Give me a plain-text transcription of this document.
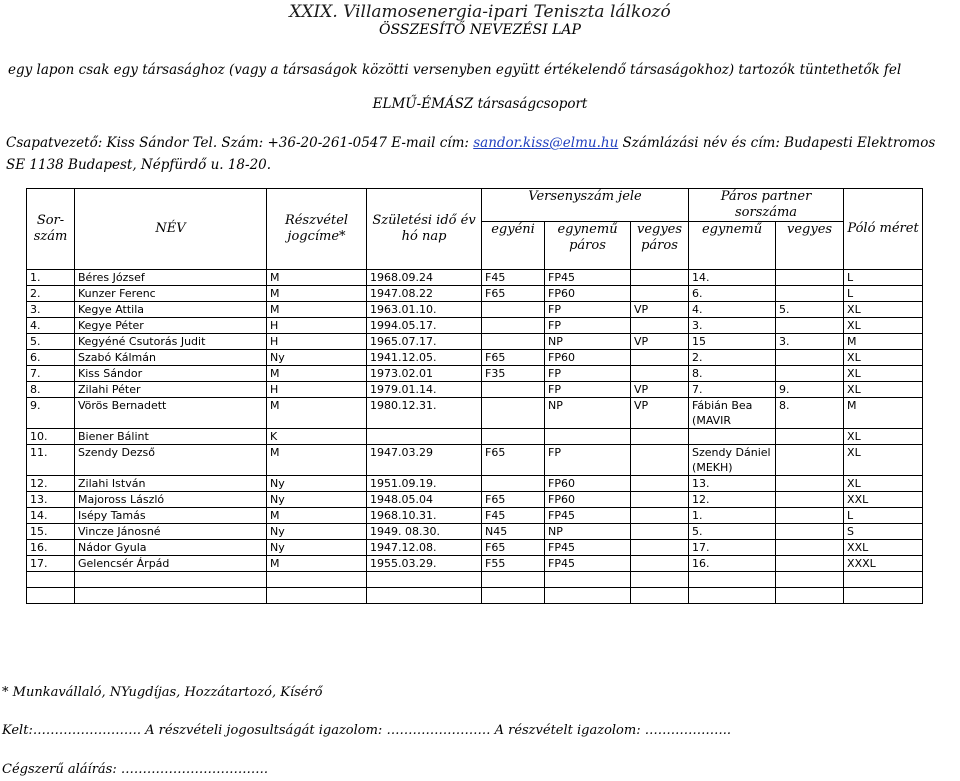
XXIX. Villamosenergia-ipari Teniszta lálkozó
ÖSSZESÍTŐ NEVEZÉSI LAP
egy lapon csak egy társasághoz (vagy a társaságok közötti versenyben együtt értékelendő társaságokhoz) tartozók tüntethetők fel
ELMŰ-ÉMÁSZ társaságcsoport
Csapatvezető: Kiss Sándor Tel. Szám: +36-20-261-0547 E-mail cím: sandor.kiss@elmu.hu Számlázási név és cím: Budapesti Elektromos SE 1138 Budapest, Népfürdő u. 18-20.
Sor-szám	NÉV	Részvétel jogcíme*	Születési idő év hó nap	Versenyszám jele			Páros partner sorszáma		Póló méret
				egyéni	egynemű páros	vegyes páros	egynemű	vegyes	
1.	Béres József	M	1968.09.24	F45	FP45		14.		L
2.	Kunzer Ferenc	M	1947.08.22	F65	FP60		6.		L
3.	Kegye Attila	M	1963.01.10.		FP	VP	4.	5.	XL
4.	Kegye Péter	H	1994.05.17.		FP		3.		XL
5.	Kegyéné Csutorás Judit	H	1965.07.17.		NP	VP	15	3.	M
6.	Szabó Kálmán	Ny	1941.12.05.	F65	FP60		2.		XL
7.	Kiss Sándor	M	1973.02.01	F35	FP		8.		XL
8.	Zilahi Péter	H	1979.01.14.		FP	VP	7.	9.	XL
9.	Vörös Bernadett	M	1980.12.31.		NP	VP	Fábián Bea (MAVIR	8.	M
10.	Biener Bálint	K							XL
11.	Szendy Dezső	M	1947.03.29	F65	FP		Szendy Dániel (MEKH)		XL
12.	Zilahi István	Ny	1951.09.19.		FP60		13.		XL
13.	Majoross László	Ny	1948.05.04	F65	FP60		12.		XXL
14.	Isépy Tamás	M	1968.10.31.	F45	FP45		1.		L
15.	Vincze Jánosné	Ny	1949. 08.30.	N45	NP		5.		S
16.	Nádor Gyula	Ny	1947.12.08.	F65	FP45		17.		XXL
17.	Gelencsér Árpád	M	1955.03.29.	F55	FP45		16.		XXXL

* Munkavállaló, NYugdíjas, Hozzátartozó, Kísérő
Kelt:……………………. A részvételi jogosultságát igazolom: …………………… A részvételt igazolom: ………………..
Cégszerű aláírás: …………………………….
